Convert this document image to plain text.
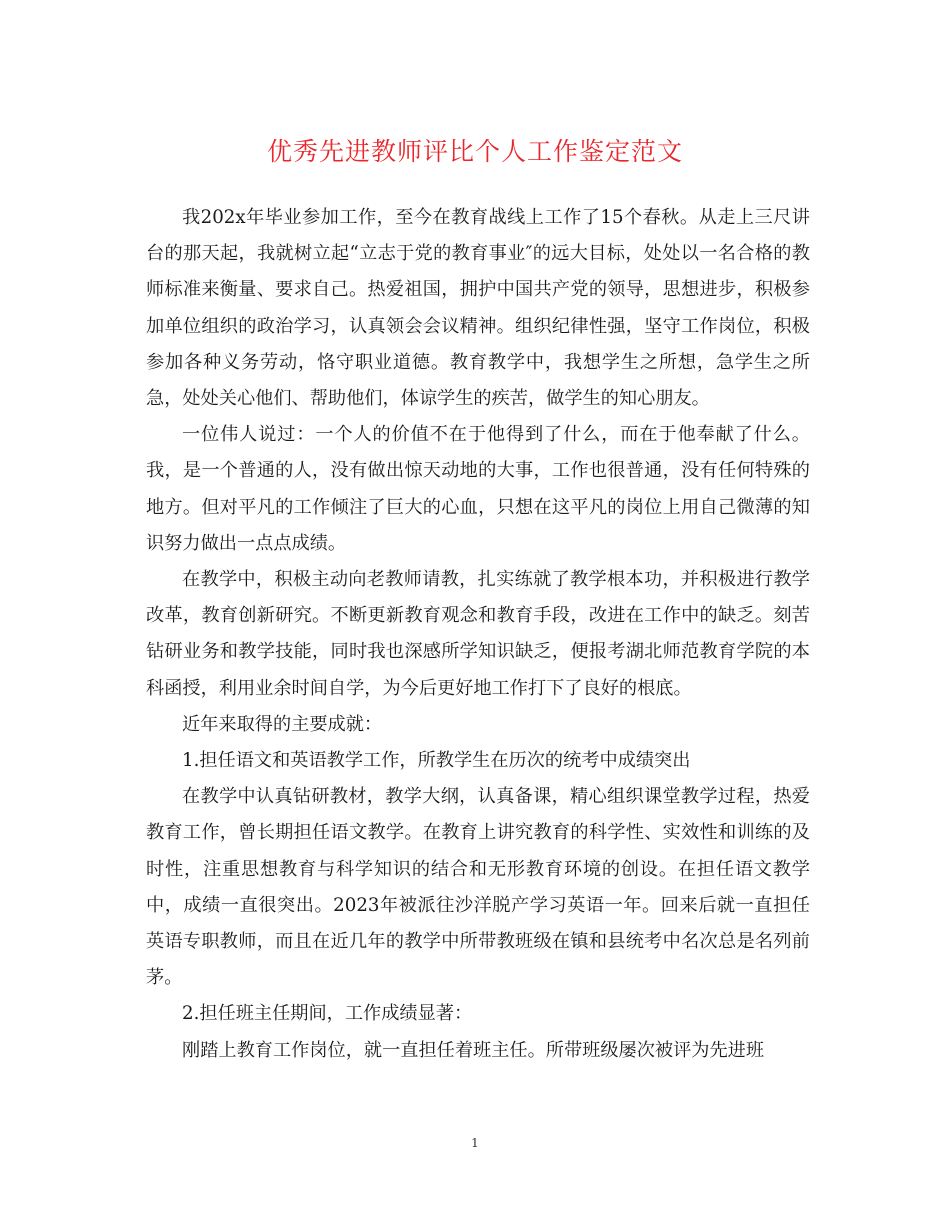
优秀先进教师评比个人工作鉴定范文

我202x年毕业参加工作，至今在教育战线上工作了15个春秋。从走上三尺讲台的那天起，我就树立起“立志于党的教育事业″的远大目标，处处以一名合格的教师标准来衡量、要求自己。热爱祖国，拥护中国共产党的领导，思想进步，积极参加单位组织的政治学习，认真领会会议精神。组织纪律性强，坚守工作岗位，积极参加各种义务劳动，恪守职业道德。教育教学中，我想学生之所想，急学生之所急，处处关心他们、帮助他们，体谅学生的疾苦，做学生的知心朋友。

一位伟人说过：一个人的价值不在于他得到了什么，而在于他奉献了什么。我，是一个普通的人，没有做出惊天动地的大事，工作也很普通，没有任何特殊的地方。但对平凡的工作倾注了巨大的心血，只想在这平凡的岗位上用自己微薄的知识努力做出一点点成绩。

在教学中，积极主动向老教师请教，扎实练就了教学根本功，并积极进行教学改革，教育创新研究。不断更新教育观念和教育手段，改进在工作中的缺乏。刻苦钻研业务和教学技能，同时我也深感所学知识缺乏，便报考湖北师范教育学院的本科函授，利用业余时间自学，为今后更好地工作打下了良好的根底。

近年来取得的主要成就：

1.担任语文和英语教学工作，所教学生在历次的统考中成绩突出

在教学中认真钻研教材，教学大纲，认真备课，精心组织课堂教学过程，热爱教育工作，曾长期担任语文教学。在教育上讲究教育的科学性、实效性和训练的及时性，注重思想教育与科学知识的结合和无形教育环境的创设。在担任语文教学中，成绩一直很突出。2023年被派往沙洋脱产学习英语一年。回来后就一直担任英语专职教师，而且在近几年的教学中所带教班级在镇和县统考中名次总是名列前茅。

2.担任班主任期间，工作成绩显著：

刚踏上教育工作岗位，就一直担任着班主任。所带班级屡次被评为先进班

1
